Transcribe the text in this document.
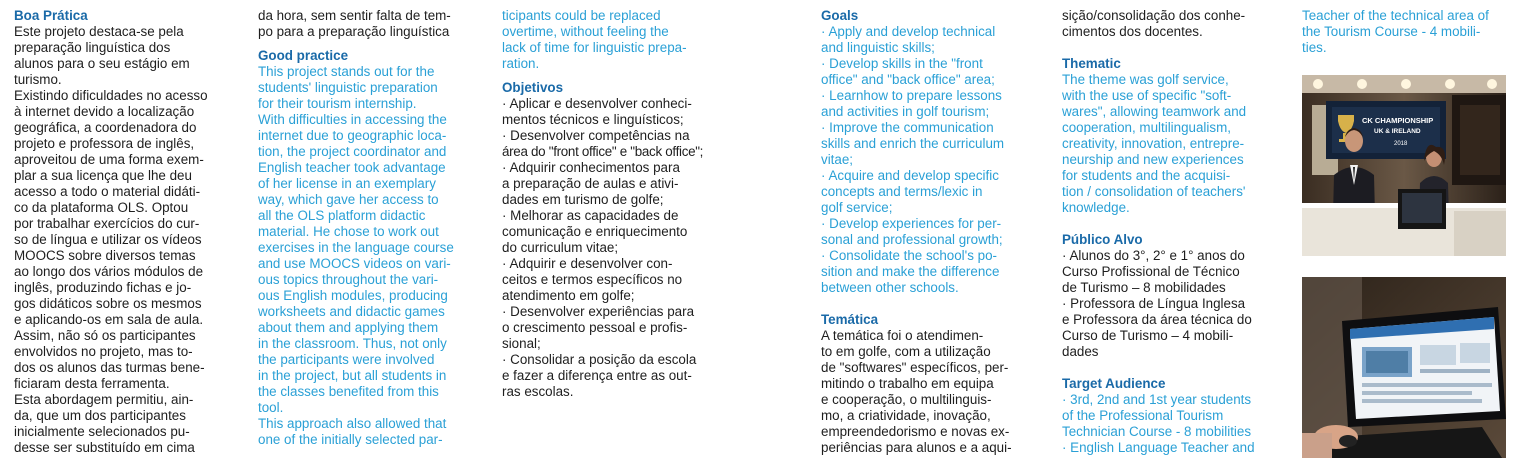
Boa Prática

Este projeto destaca-se pela

preparação linguística dos

alunos para o seu estágio em

turismo.

Existindo dificuldades no acesso

à internet devido a localização

geográfica, a coordenadora do

projeto e professora de inglês,

aproveitou de uma forma exem-

plar a sua licença que lhe deu

acesso a todo o material didáti-

co da plataforma OLS. Optou

por trabalhar exercícios do cur-

so de língua e utilizar os vídeos

MOOCS sobre diversos temas

ao longo dos vários módulos de

inglês, produzindo fichas e jo-

gos didáticos sobre os mesmos

e aplicando-os em sala de aula.

Assim, não só os participantes

envolvidos no projeto, mas to-

dos os alunos das turmas bene-

ficiaram desta ferramenta.

Esta abordagem permitiu, ain-

da, que um dos participantes

inicialmente selecionados pu-

desse ser substituído em cima

da hora, sem sentir falta de tem-

po para a preparação linguística

Good practice

This project stands out for the

students' linguistic preparation

for their tourism internship.

With difficulties in accessing the

internet due to geographic loca-

tion, the project coordinator and

English teacher took advantage

of her license in an exemplary

way, which gave her access to

all the OLS platform didactic

material. He chose to work out

exercises in the language course

and use MOOCS videos on vari-

ous topics throughout the vari-

ous English modules, producing

worksheets and didactic games

about them and applying them

in the classroom. Thus, not only

the participants were involved

in the project, but all students in

the classes benefited from this

tool.

This approach also allowed that

one of the initially selected par-

ticipants could be replaced

overtime, without feeling the

lack of time for linguistic prepa-

ration.

Objetivos

· Aplicar e desenvolver conheci-

mentos técnicos e linguísticos;

· Desenvolver competências na

área do "front office" e "back office";

· Adquirir conhecimentos para

a preparação de aulas e ativi-

dades em turismo de golfe;

· Melhorar as capacidades de

comunicação e enriquecimento

do curriculum vitae;

· Adquirir e desenvolver con-

ceitos e termos específicos no

atendimento em golfe;

· Desenvolver experiências para

o crescimento pessoal e profis-

sional;

· Consolidar a posição da escola

e fazer a diferença entre as out-

ras escolas.

Goals

· Apply and develop technical

and linguistic skills;

· Develop skills in the "front

office" and "back office" area;

· Learnhow to prepare lessons

and activities in golf tourism;

· Improve the communication

skills and enrich the curriculum

vitae;

· Acquire and develop specific

concepts and terms/lexic in

golf service;

· Develop experiences for per-

sonal and professional growth;

· Consolidate the school's po-

sition and make the difference

between other schools.

Temática

A temática foi o atendimen-

to em golfe, com a utilização

de "softwares" específicos, per-

mitindo o trabalho em equipa

e cooperação, o multilinguis-

mo, a criatividade, inovação,

empreendedorismo e novas ex-

periências para alunos e a aqui-

sição/consolidação dos conhe-

cimentos dos docentes.

Thematic

The theme was golf service,

with the use of specific "soft-

wares", allowing teamwork and

cooperation, multilingualism,

creativity, innovation, entrepre-

neurship and new experiences

for students and the acquisi-

tion / consolidation of teachers'

knowledge.

Público Alvo

· Alunos do 3°, 2° e 1° anos do

Curso Profissional de Técnico

de Turismo – 8 mobilidades

· Professora de Língua Inglesa

e Professora da área técnica do

Curso de Turismo – 4 mobili-

dades

Target Audience

· 3rd, 2nd and 1st year students

of the Professional Tourism

Technician Course - 8 mobilities

· English Language Teacher and

Teacher of the technical area of

the Tourism Course - 4 mobili-

ties.

CK CHAMPIONSHIP
UK & IRELAND
2018
